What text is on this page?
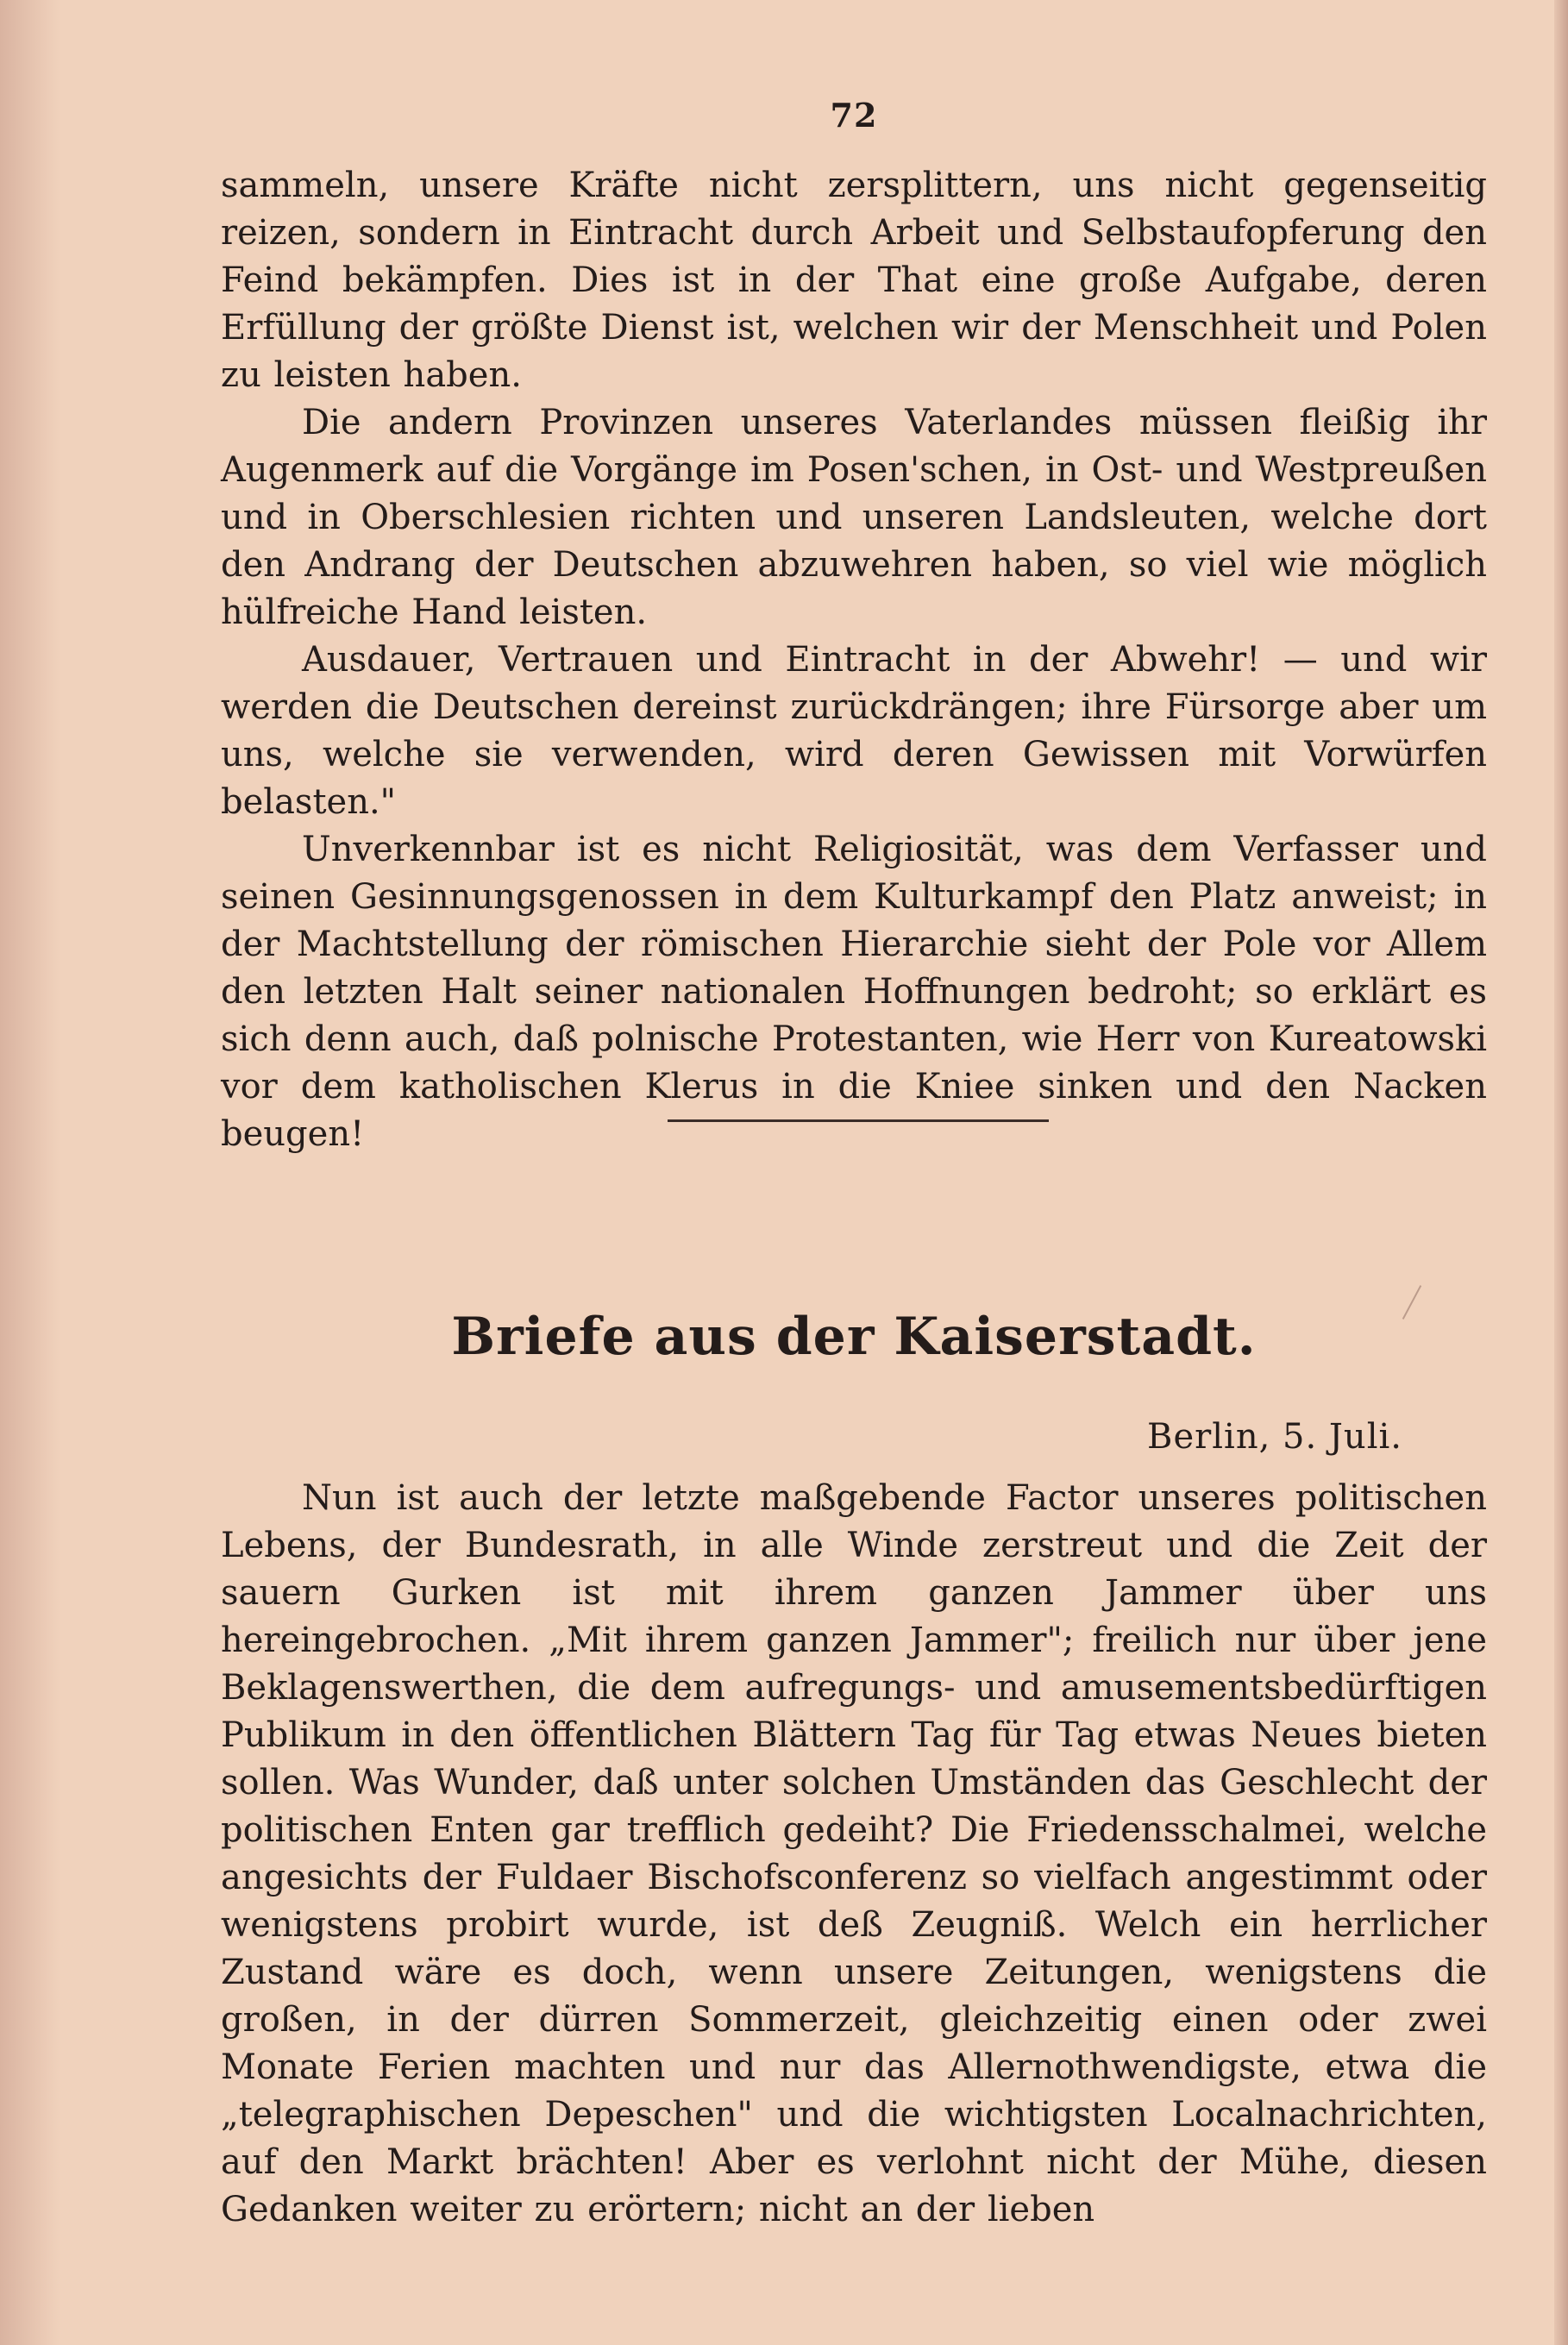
72

sammeln, unsere Kräfte nicht zersplittern, uns nicht gegenseitig reizen, sondern in Eintracht durch Arbeit und Selbstaufopferung den Feind bekämpfen. Dies ist in der That eine große Aufgabe, deren Erfüllung der größte Dienst ist, welchen wir der Menschheit und Polen zu leisten haben.

Die andern Provinzen unseres Vaterlandes müssen fleißig ihr Augenmerk auf die Vorgänge im Posen'schen, in Ost- und Westpreußen und in Oberschlesien richten und unseren Landsleuten, welche dort den Andrang der Deutschen abzuwehren haben, so viel wie möglich hülfreiche Hand leisten.

Ausdauer, Vertrauen und Eintracht in der Abwehr! — und wir werden die Deutschen dereinst zurückdrängen; ihre Fürsorge aber um uns, welche sie verwenden, wird deren Gewissen mit Vorwürfen belasten."

Unverkennbar ist es nicht Religiosität, was dem Verfasser und seinen Gesinnungsgenossen in dem Kulturkampf den Platz anweist; in der Machtstellung der römischen Hierarchie sieht der Pole vor Allem den letzten Halt seiner nationalen Hoffnungen bedroht; so erklärt es sich denn auch, daß polnische Protestanten, wie Herr von Kureatowski vor dem katholischen Klerus in die Kniee sinken und den Nacken beugen!

Briefe aus der Kaiserstadt.
Berlin, 5. Juli.

Nun ist auch der letzte maßgebende Factor unseres politischen Lebens, der Bundesrath, in alle Winde zerstreut und die Zeit der sauern Gurken ist mit ihrem ganzen Jammer über uns hereingebrochen. „Mit ihrem ganzen Jammer"; freilich nur über jene Beklagenswerthen, die dem aufregungs- und amusementsbedürftigen Publikum in den öffentlichen Blättern Tag für Tag etwas Neues bieten sollen. Was Wunder, daß unter solchen Umständen das Geschlecht der politischen Enten gar trefflich gedeiht? Die Friedensschalmei, welche angesichts der Fuldaer Bischofsconferenz so vielfach angestimmt oder wenigstens probirt wurde, ist deß Zeugniß. Welch ein herrlicher Zustand wäre es doch, wenn unsere Zeitungen, wenigstens die großen, in der dürren Sommerzeit, gleichzeitig einen oder zwei Monate Ferien machten und nur das Allernothwendigste, etwa die „telegraphischen Depeschen" und die wichtigsten Localnachrichten, auf den Markt brächten! Aber es verlohnt nicht der Mühe, diesen Gedanken weiter zu erörtern; nicht an der lieben
